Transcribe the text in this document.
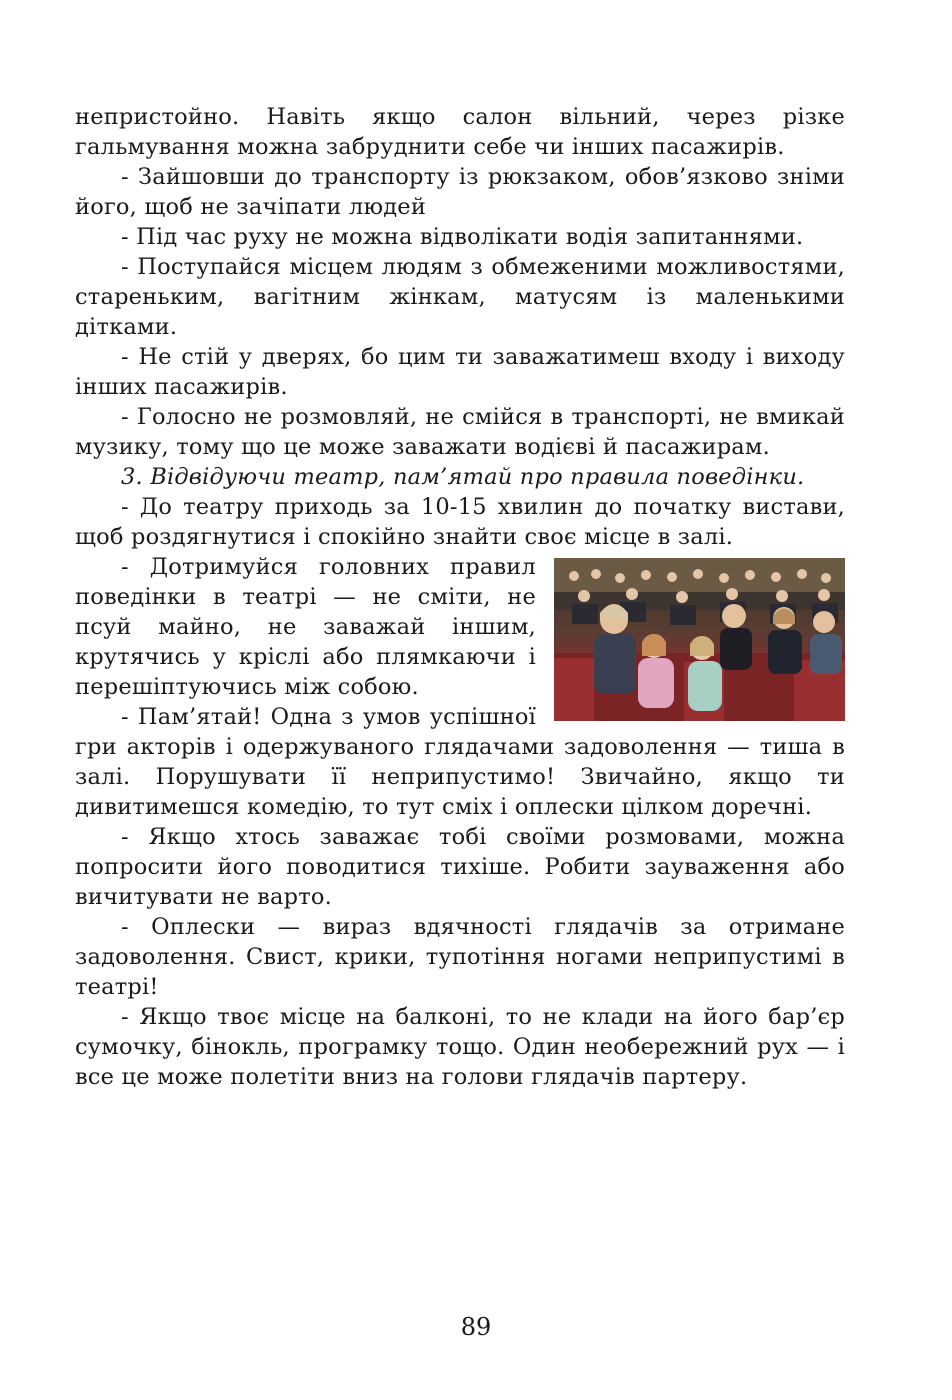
непристойно. Навіть якщо салон вільний, через різке гальмування можна забруднити себе чи інших пасажирів.

- Зайшовши до транспорту із рюкзаком, обов’язково зніми його, щоб не зачіпати людей

- Під час руху не можна відволікати водія запитаннями.

- Поступайся місцем людям з обмеженими можливостями, стареньким, вагітним жінкам, матусям із маленькими дітками.

- Не стій у дверях, бо цим ти заважатимеш входу і виходу інших пасажирів.

- Голосно не розмовляй, не смійся в транспорті, не вмикай музику, тому що це може заважати водієві й пасажирам.

3. Відвідуючи театр, пам’ятай про правила поведінки.

- До театру приходь за 10-15 хвилин до початку вистави, щоб роздягнутися і спокійно знайти своє місце в залі.

- Дотримуйся головних правил поведінки в театрі — не сміти, не псуй майно, не заважай іншим, крутячись у кріслі або плямкаючи і перешіптуючись між собою.

- Пам’ятай! Одна з умов успішної гри акторів і одержуваного глядачами задоволення — тиша в залі. Порушувати її неприпустимо! Звичайно, якщо ти дивитимешся комедію, то тут сміх і оплески цілком доречні.

- Якщо хтось заважає тобі своїми розмовами, можна попросити його поводитися тихіше. Робити зауваження або вичитувати не варто.

- Оплески — вираз вдячності глядачів за отримане задоволення. Свист, крики, тупотіння ногами неприпустимі в театрі!

- Якщо твоє місце на балконі, то не клади на його бар’єр сумочку, бінокль, програмку тощо. Один необережний рух — і все це може полетіти вниз на голови глядачів партеру.

89
